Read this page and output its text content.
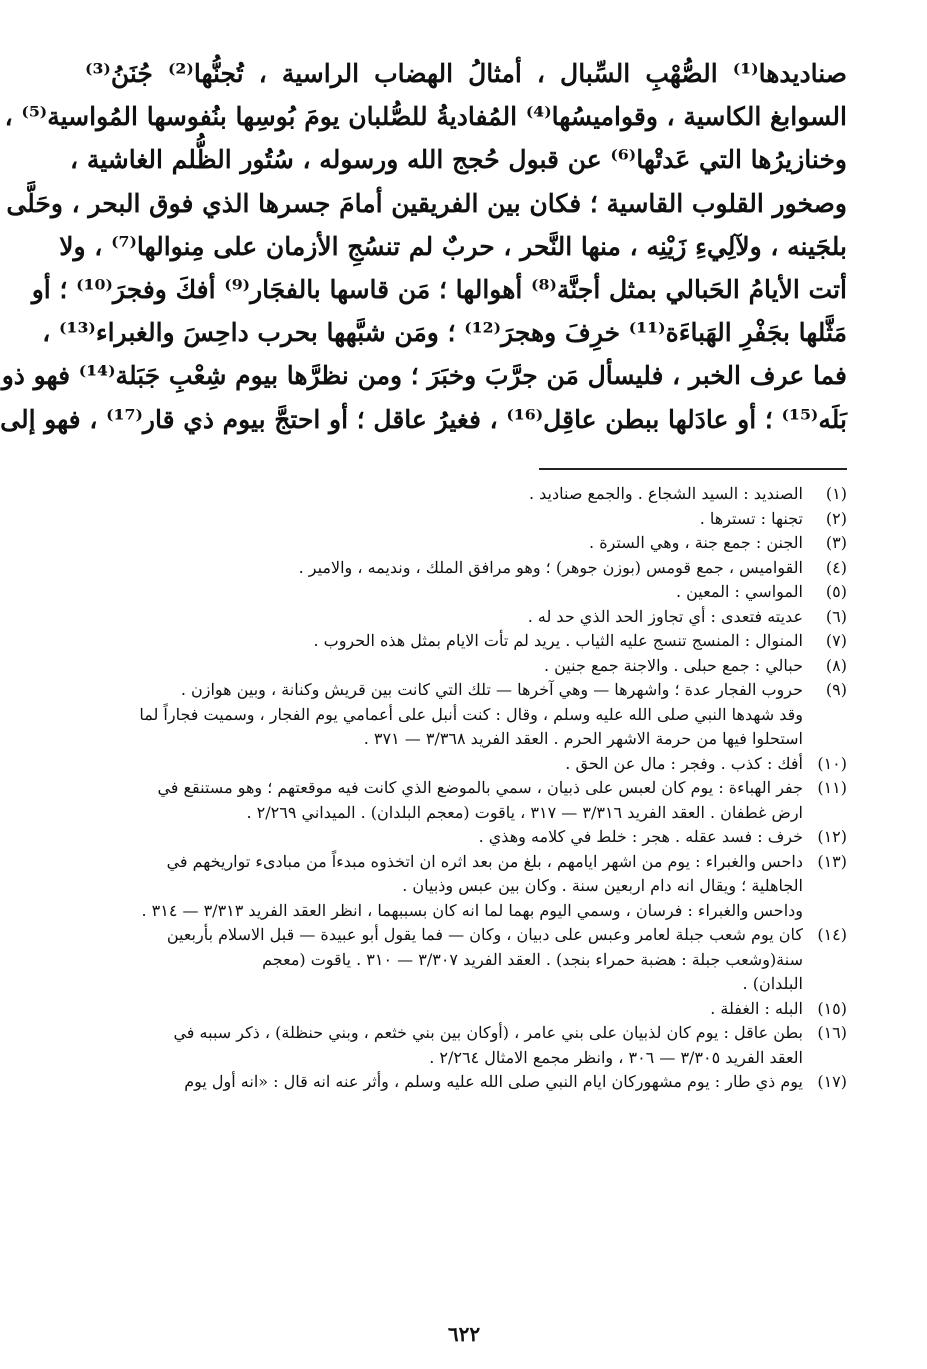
صناديدها⁽¹⁾ الصُّهْبِ السِّبال ، أمثالُ الهضاب الراسية ، تُجنُّها⁽²⁾ جُنَنُ⁽³⁾
السوابغ الكاسية ، وقواميسُها⁽⁴⁾ المُفاديةُ للصُّلبان يومَ بُوسِها بنُفوسها المُواسية⁽⁵⁾ ،
وخنازيرُها التي عَدتْها⁽⁶⁾ عن قبول حُجج الله ورسوله ، سُتُور الظُّلم الغاشية ،
وصخور القلوب القاسية ؛ فكان بين الفريقين أمامَ جسرها الذي فوق البحر ، وحَلَّى
بلجَينه ، ولآلِيءِ زَيْنِه ، منها النَّحر ، حربٌ لم تنسُجِ الأزمان على مِنوالها⁽⁷⁾ ، ولا
أتت الأيامُ الحَبالي بمثل أجنَّة⁽⁸⁾ أهوالها ؛ مَن قاسها بالفجَار⁽⁹⁾ أفكَ وفجرَ⁽¹⁰⁾ ؛ أو
مَثَّلها بجَفْرِ الهَباءَة⁽¹¹⁾ خرِفَ وهجرَ⁽¹²⁾ ؛ ومَن شبَّهها بحرب داحِسَ والغبراء⁽¹³⁾ ،
فما عرف الخبر ، فليسأل مَن جرَّبَ وخبَرَ ؛ ومن نظرَّها بيوم شِعْبِ جَبَلة⁽¹⁴⁾ فهو ذو
بَلَه⁽¹⁵⁾ ؛ أو عادَلها ببطن عاقِل⁽¹⁶⁾ ، فغيرُ عاقل ؛ أو احتجَّ بيوم ذي قار⁽¹⁷⁾ ، فهو إلى
(١)
الصنديد : السيد الشجاع . والجمع صناديد .
(٢)
تجنها : تسترها .
(٣)
الجنن : جمع جنة ، وهي السترة .
(٤)
القواميس ، جمع قومس (بوزن جوهر) ؛ وهو مرافق الملك ، ونديمه ، والامير .
(٥)
المواسي : المعين .
(٦)
عديته فتعدى : أي تجاوز الحد الذي حد له .
(٧)
المنوال : المنسج تنسج عليه الثياب . يريد لم تأت الايام بمثل هذه الحروب .
(٨)
حبالي : جمع حبلى . والاجنة جمع جنين .
(٩)
حروب الفجار عدة ؛ واشهرها — وهي آخرها — تلك التي كانت بين قريش وكنانة ، وبين هوازن .
وقد شهدها النبي صلى الله عليه وسلم ، وقال : كنت أنبل على أعمامي يوم الفجار ، وسميت فجاراً لما
استحلوا فيها من حرمة الاشهر الحرم . العقد الفريد ٣/٣٦٨ — ٣٧١ .
(١٠)
أفك : كذب . وفجر : مال عن الحق .
(١١)
جفر الهباءة : يوم كان لعبس على ذبيان ، سمي بالموضع الذي كانت فيه موقعتهم ؛ وهو مستنقع في
ارض غطفان . العقد الفريد ٣/٣١٦ — ٣١٧ ، ياقوت (معجم البلدان) . الميداني ٢/٢٦٩ .
(١٢)
خرف : فسد عقله . هجر : خلط في كلامه وهذي .
(١٣)
داحس والغبراء : يوم من اشهر ايامهم ، بلغ من بعد اثره ان اتخذوه مبدءاً من مبادىء تواريخهم في
الجاهلية ؛ ويقال انه دام اربعين سنة . وكان بين عبس وذبيان .
وداحس والغبراء : فرسان ، وسمي اليوم بهما لما انه كان بسببهما ، انظر العقد الفريد ٣/٣١٣ — ٣١٤ .
(١٤)
كان يوم شعب جبلة لعامر وعبس على دبيان ، وكان — فما يقول أبو عبيدة — قبل الاسلام بأربعين
سنة(وشعب جبلة : هضبة حمراء بنجد) . العقد الفريد ٣/٣٠٧ — ٣١٠ . ياقوت (معجم
البلدان) .
(١٥)
البله : الغفلة .
(١٦)
بطن عاقل : يوم كان لذبيان على بني عامر ، (أوكان بين بني خثعم ، وبني حنظلة) ، ذكر سببه في
العقد الفريد ٣/٣٠٥ — ٣٠٦ ، وانظر مجمع الامثال ٢/٢٦٤ .
(١٧)
يوم ذي طار : يوم مشهوركان ايام النبي صلى الله عليه وسلم ، وأثر عنه انه قال : «انه أول يوم
٦٢٢
